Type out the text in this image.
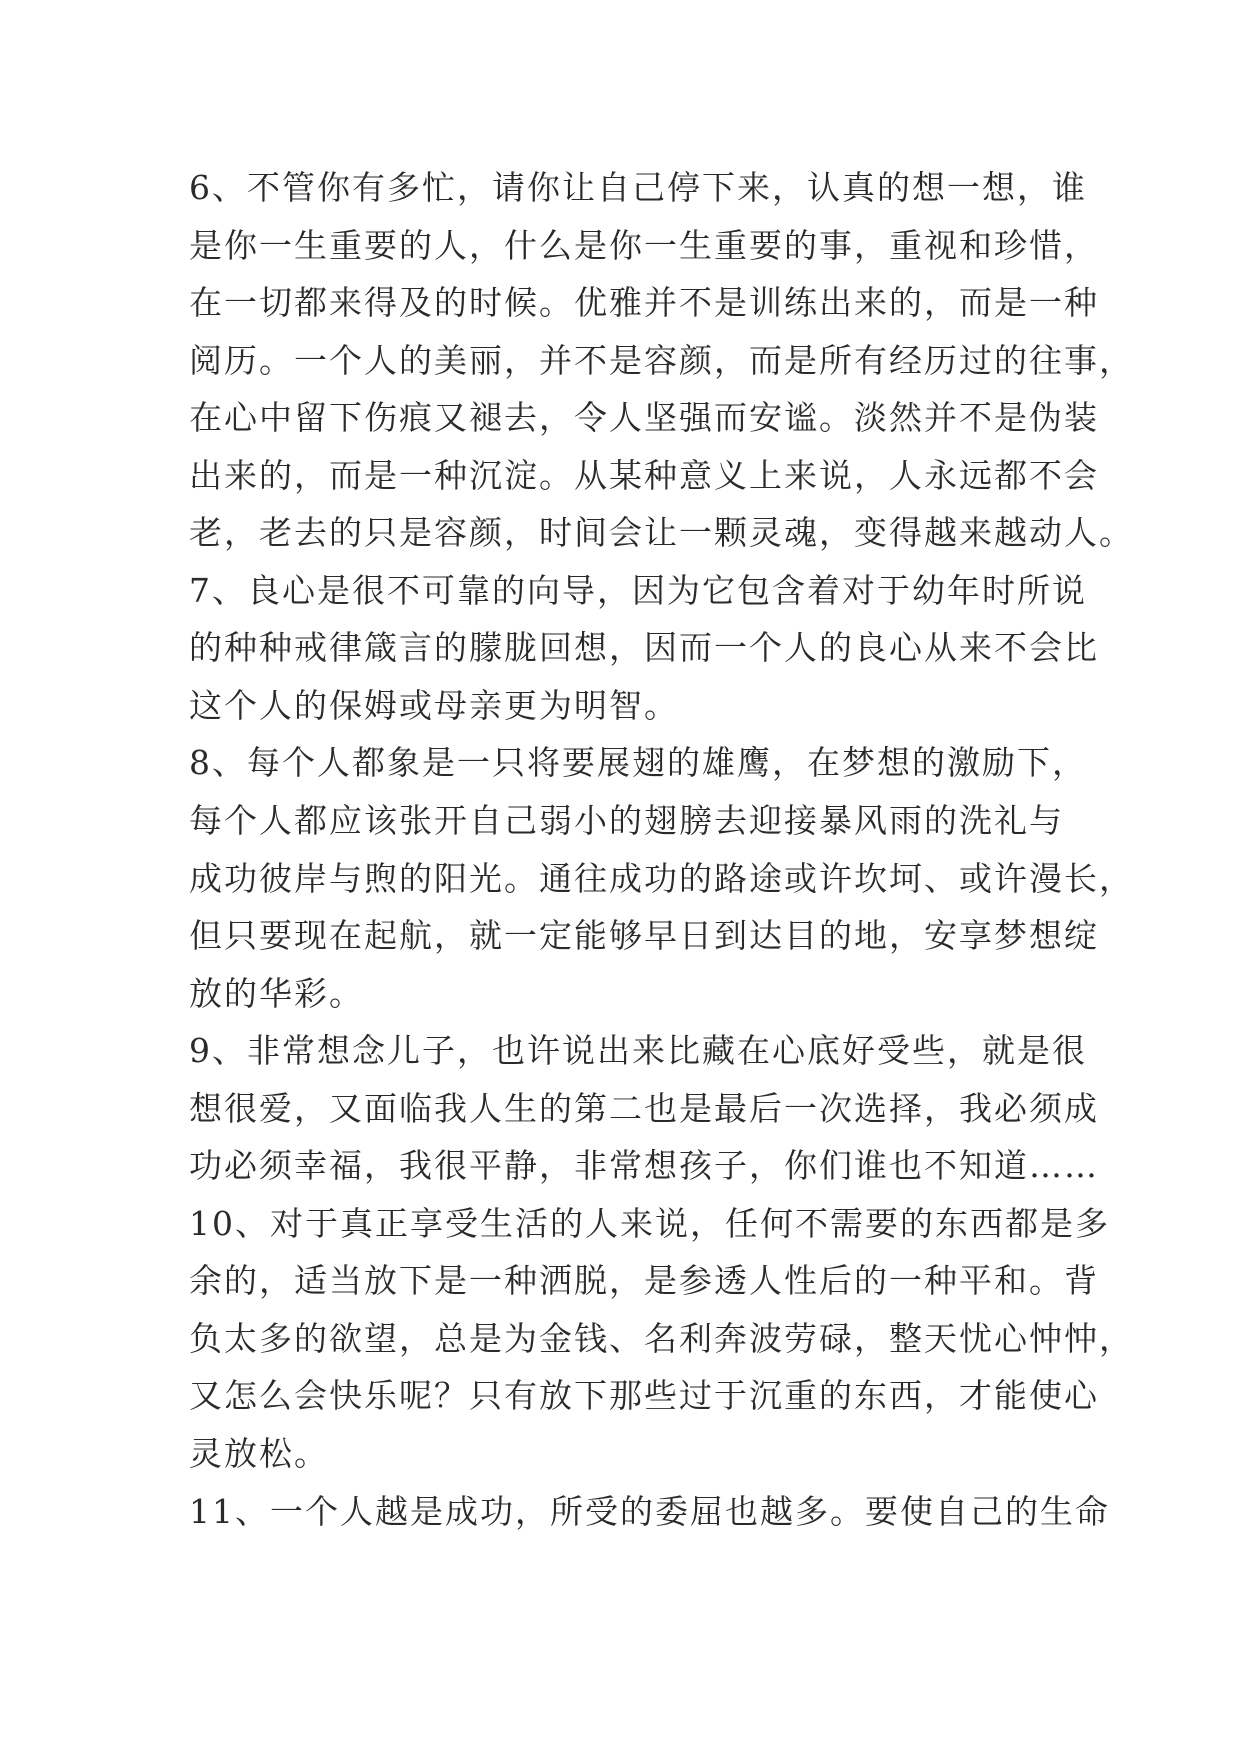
6、不管你有多忙，请你让自己停下来，认真的想一想，谁
是你一生重要的人，什么是你一生重要的事，重视和珍惜，
在一切都来得及的时候。优雅并不是训练出来的，而是一种
阅历。一个人的美丽，并不是容颜，而是所有经历过的往事，
在心中留下伤痕又褪去，令人坚强而安谧。淡然并不是伪装
出来的，而是一种沉淀。从某种意义上来说，人永远都不会
老，老去的只是容颜，时间会让一颗灵魂，变得越来越动人。
7、良心是很不可靠的向导，因为它包含着对于幼年时所说
的种种戒律箴言的朦胧回想，因而一个人的良心从来不会比
这个人的保姆或母亲更为明智。
8、每个人都象是一只将要展翅的雄鹰，在梦想的激励下，
每个人都应该张开自己弱小的翅膀去迎接暴风雨的洗礼与
成功彼岸与煦的阳光。通往成功的路途或许坎坷、或许漫长，
但只要现在起航，就一定能够早日到达目的地，安享梦想绽
放的华彩。
9、非常想念儿子，也许说出来比藏在心底好受些，就是很
想很爱，又面临我人生的第二也是最后一次选择，我必须成
功必须幸福，我很平静，非常想孩子，你们谁也不知道……
10、对于真正享受生活的人来说，任何不需要的东西都是多
余的，适当放下是一种洒脱，是参透人性后的一种平和。背
负太多的欲望，总是为金钱、名利奔波劳碌，整天忧心忡忡，
又怎么会快乐呢？只有放下那些过于沉重的东西，才能使心
灵放松。
11、一个人越是成功，所受的委屈也越多。要使自己的生命
